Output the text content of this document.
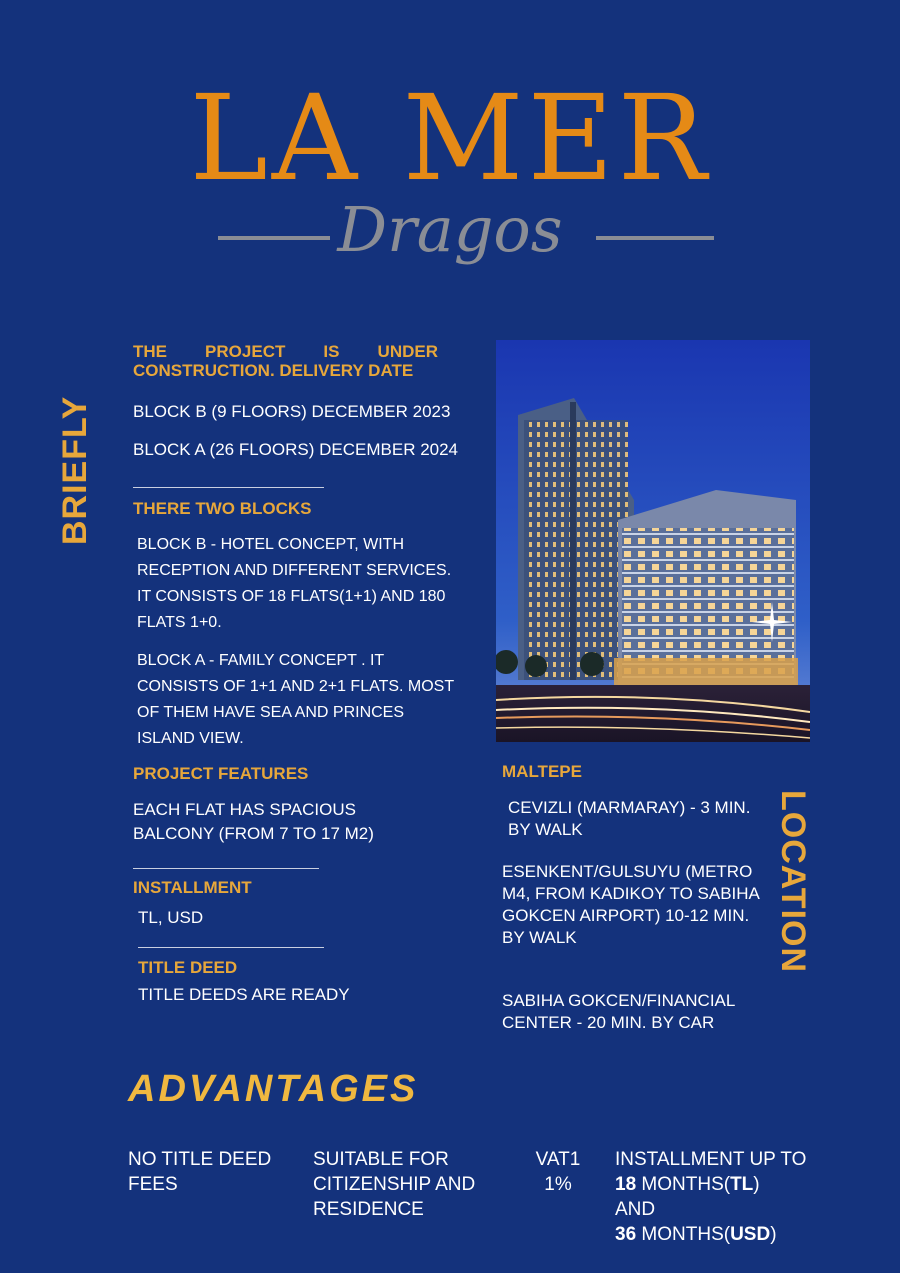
LA MER
Dragos
BRIEFLY
LOCATION
THE PROJECT IS UNDER CONSTRUCTION. DELIVERY DATE
BLOCK B (9 FLOORS) DECEMBER 2023
BLOCK A (26 FLOORS) DECEMBER 2024
THERE TWO BLOCKS
BLOCK B - HOTEL CONCEPT, WITH RECEPTION AND DIFFERENT SERVICES. IT CONSISTS OF 18 FLATS(1+1) AND 180 FLATS 1+0.
BLOCK A - FAMILY CONCEPT . IT CONSISTS OF 1+1 AND 2+1 FLATS. MOST OF THEM HAVE SEA AND PRINCES ISLAND VIEW.
PROJECT FEATURES
EACH FLAT HAS SPACIOUS BALCONY (FROM 7 TO 17 M2)
INSTALLMENT
TL, USD
TITLE DEED
TITLE DEEDS ARE READY
MALTEPE
CEVIZLI (MARMARAY) - 3 MIN. BY WALK
ESENKENT/GULSUYU (METRO M4, FROM KADIKOY TO SABIHA GOKCEN AIRPORT) 10-12 MIN. BY WALK
SABIHA GOKCEN/FINANCIAL CENTER - 20 MIN. BY CAR
ADVANTAGES
NO TITLE DEED FEES
SUITABLE FOR CITIZENSHIP AND RESIDENCE
VAT1
1%
INSTALLMENT UP TO 18 MONTHS(TL)
AND
36 MONTHS(USD)
